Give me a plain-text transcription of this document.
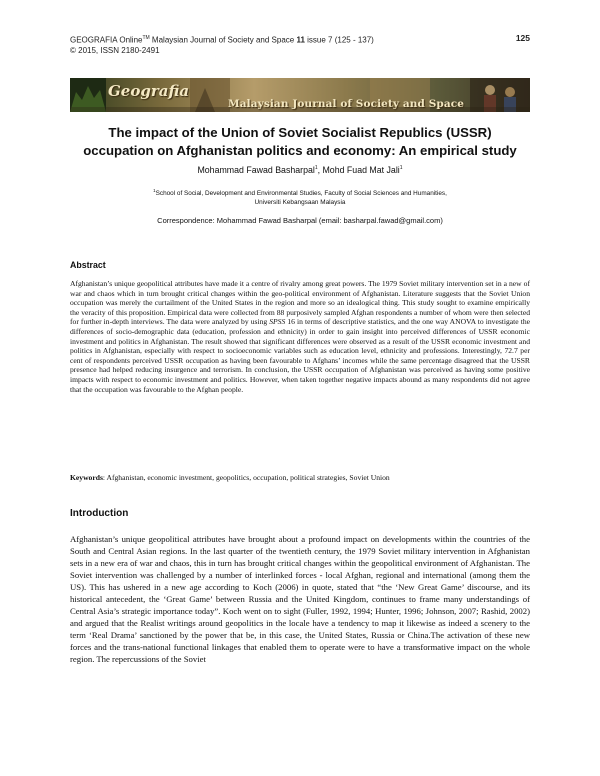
GEOGRAFIA Online™ Malaysian Journal of Society and Space 11 issue 7 (125 - 137)
© 2015, ISSN 2180-2491
125
Geografia
Malaysian Journal of Society and Space
The impact of the Union of Soviet Socialist Republics (USSR)
occupation on Afghanistan politics and economy: An empirical study
Mohammad Fawad Basharpal$^1$, Mohd Fuad Mat Jali$^1$
$^1$School of Social, Development and Environmental Studies, Faculty of Social Sciences and Humanities,
Universiti Kebangsaan Malaysia
Correspondence: Mohammad Fawad Basharpal (email: basharpal.fawad@gmail.com)
Abstract
Afghanistan’s unique geopolitical attributes have made it a centre of rivalry among great powers. The 1979 Soviet military intervention set in a new of war and chaos which in turn brought critical changes within the geo-political environment of Afghanistan. Literature suggests that the Soviet Union occupation was merely the curtailment of the United States in the region and more so an idealogical thing. This study sought to examine empirically the veracity of this proposition. Empirical data were collected from 88 purposively sampled Afghan respondents a number of whom were then selected for further in-depth interviews. The data were analyzed by using SPSS 16 in terms of descriptive statistics, and the one way ANOVA to investigate the differences of socio-demographic data (education, profession and ethnicity) in order to gain insight into perceived differences of USSR economic investment and politics in Afghanistan. The result showed that significant differences were observed as a result of the USSR economic investment and politics in Afghanistan, especially with respect to socioeconomic variables such as education level, ethnicity and professions. Interestingly, 72.7 per cent of respondents perceived USSR occupation as having been favourable to Afghans’ incomes while the same percentage disagreed that the USSR presence had helped reducing insurgence and terrorism. In conclusion, the USSR occupation of Afghanistan was perceived as having some positive impacts with respect to economic investment and politics. However, when taken together negative impacts abound as many respondents did not agree that the occupation was favourable to the Afghan people.
Keywords: Afghanistan, economic investment, geopolitics, occupation, political strategies, Soviet Union
Introduction
Afghanistan’s unique geopolitical attributes have brought about a profound impact on developments within the countries of the South and Central Asian regions. In the last quarter of the twentieth century, the 1979 Soviet military intervention in Afghanistan sets in a new era of war and chaos, this in turn has brought critical changes within the geopolitical environment of Afghanistan. The Soviet intervention was challenged by a number of interlinked forces - local Afghan, regional and international (among them the US). This has ushered in a new age according to Koch (2006) in quote, stated that “the ‘New Great Game’ discourse, and its historical antecedent, the ‘Great Game’ between Russia and the United Kingdom, continues to frame many understandings of Central Asia’s strategic importance today”. Koch went on to sight (Fuller, 1992, 1994; Hunter, 1996; Johnson, 2007; Rashid, 2002) and argued that the Realist writings around geopolitics in the locale have a tendency to map it likewise as indeed a scenery to the term ‘Real Drama’ sanctioned by the power that be, in this case, the United States, Russia or China.The activation of these new forces and the trans-national functional linkages that enabled them to operate were to have a transformative impact on the whole region. The repercussions of the Soviet
